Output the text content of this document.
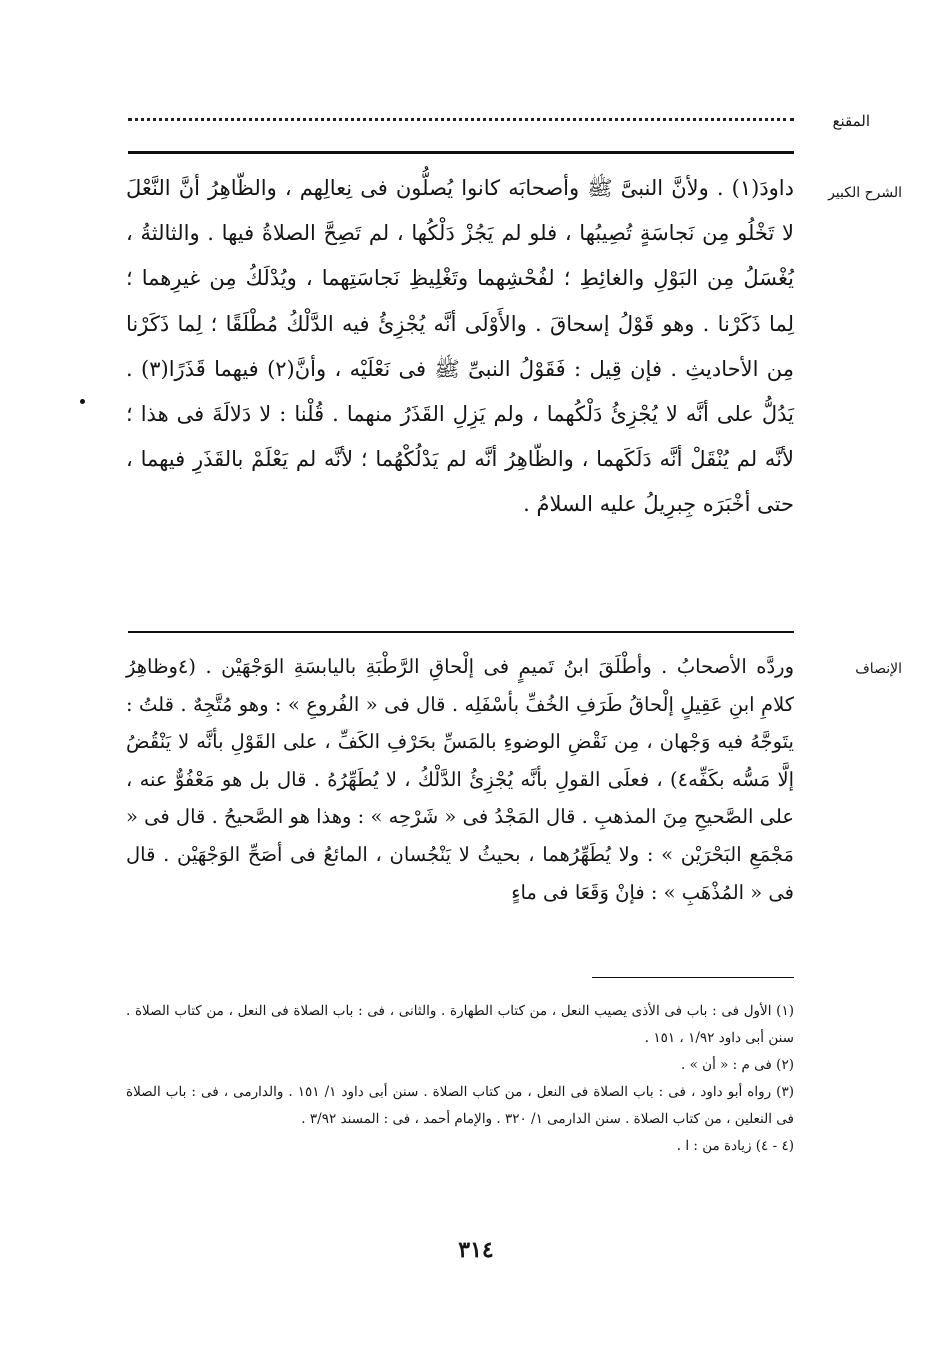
المقنع
الشرح الكبير
داودَ(١) . ولأنَّ النبىَّ ﷺ وأصحابَه كانوا يُصلُّون فى نِعالِهم ، والظّاهِرُ أنَّ النَّعْلَ لا تَخْلُو مِن نَجاسَةٍ تُصِيبُها ، فلو لم يَجُزْ دَلْكُها ، لم تَصِحَّ الصلاةُ فيها . والثالثةُ ، يُغْسَلُ مِن البَوْلِ والغائِطِ ؛ لفُحْشِهما وتَغْلِيظِ نَجاسَتِهما ، ويُدْلَكُ مِن غيرِهما ؛ لِما ذَكَرْنا . وهو قَوْلُ إسحاقَ . والأَوْلَى أنَّه يُجْزِئُ فيه الدَّلْكُ مُطْلَقًا ؛ لِما ذَكَرْنا مِن الأحاديثِ . فإن قِيل : فَقَوْلُ النبىِّ ﷺ فى نَعْلَيْه ، وأنَّ(٢) فيهما قَذَرًا(٣) . يَدُلُّ على أنَّه لا يُجْزِئُ دَلْكُهما ، ولم يَزِلِ القَذَرُ منهما . قُلْنا : لا دَلالَةَ فى هذا ؛ لأنَّه لم يُنْقَلْ أنَّه دَلَكَهما ، والظّاهِرُ أنَّه لم يَدْلُكْهُما ؛ لأنَّه لم يَعْلَمْ بالقَذَرِ فيهما ، حتى أخْبَرَه جِبرِيلُ عليه السلامُ .
الإنصاف
وردَّه الأصحابُ . وأطْلَقَ ابنُ تَميمٍ فى إلْحاقِ الرَّطْبَةِ باليابسَةِ الوَجْهَيْن . (٤وظاهِرُ كلامِ ابنِ عَقِيلٍ إلْحاقُ طَرَفِ الخُفِّ بأسْفَلِه . قال فى « الفُروعِ » : وهو مُتَّجِهٌ . قلتُ : يتَوجَّهُ فيه وَجْهان ، مِن نَقْضِ الوضوءِ بالمَسِّ بحَرْفِ الكَفِّ ، على القَوْلِ بأنَّه لا يَنْقُضُ إلَّا مَسُّه بكَفِّه٤) ، فعلَى القولِ بأنَّه يُجْزِئُ الدَّلْكُ ، لا يُطَهِّرُهُ . قال بل هو مَعْفُوٌّ عنه ، على الصَّحيحِ مِنَ المذهبِ . قال المَجْدُ فى « شَرْحِه » : وهذا هو الصَّحيحُ . قال فى « مَجْمَعِ البَحْرَيْن » : ولا يُطَهِّرُهما ، بحيثُ لا يَنْجُسان ، المائعُ فى أصَحِّ الوَجْهَيْن . قال فى « المُذْهَبِ » : فإنْ وَقَعَا فى ماءٍ

(١) الأول فى : باب فى الأذى يصيب النعل ، من كتاب الطهارة . والثانى ، فى : باب الصلاة فى النعل ، من كتاب الصلاة . سنن أبى داود ١/٩٢ ، ١٥١ .

(٢) فى م : « أن » .

(٣) رواه أبو داود ، فى : باب الصلاة فى النعل ، من كتاب الصلاة . سنن أبى داود ١/ ١٥١ . والدارمى ، فى : باب الصلاة فى النعلين ، من كتاب الصلاة . سنن الدارمى ١/ ٣٢٠ . والإمام أحمد ، فى : المسند ٣/٩٢ .

(٤ - ٤) زيادة من : ا .

٣١٤
